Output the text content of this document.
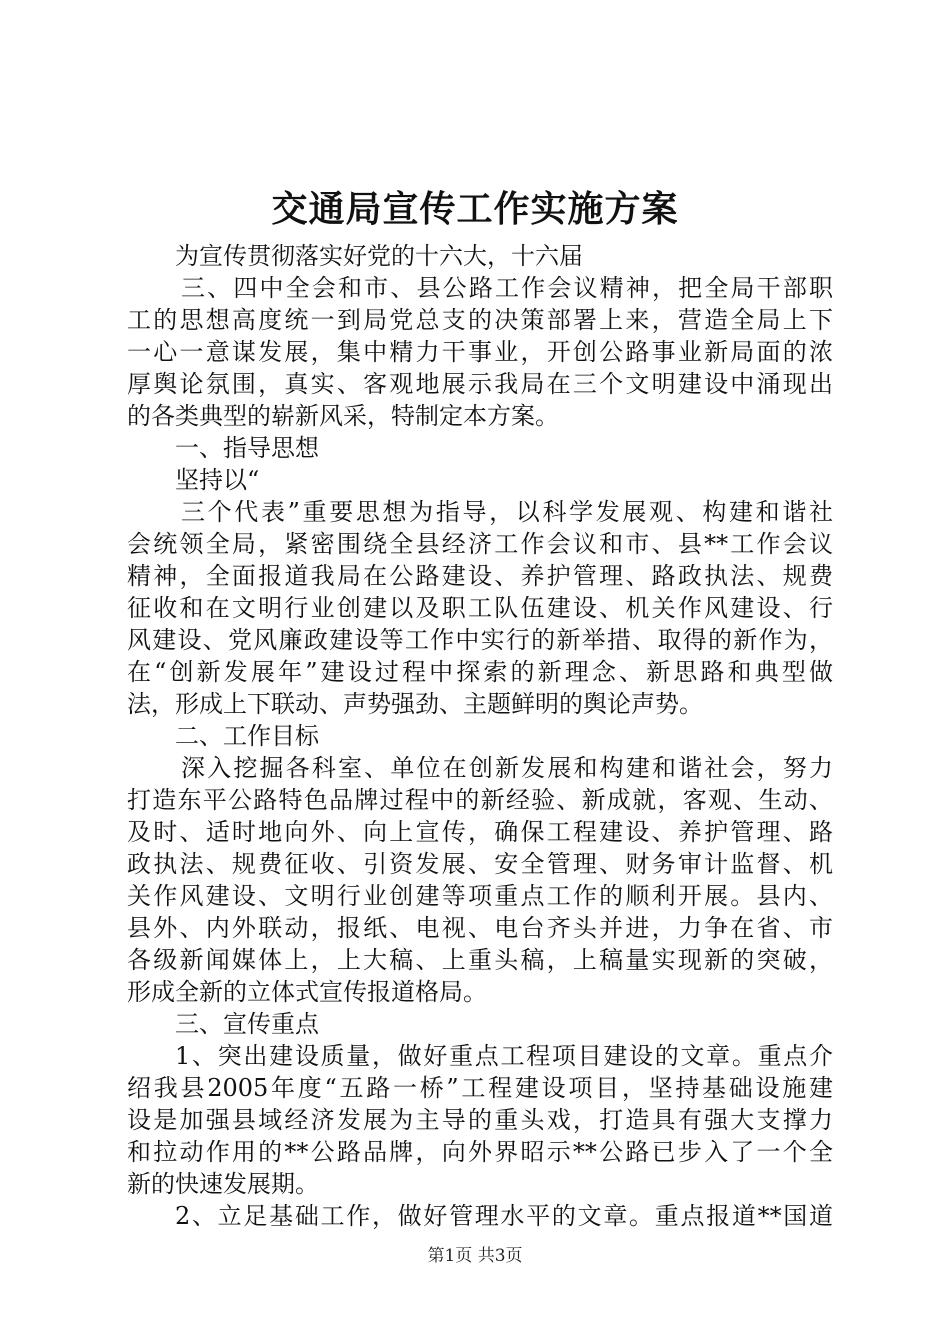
交通局宣传工作实施方案
为宣传贯彻落实好党的十六大，十六届
三、四中全会和市、县公路工作会议精神，把全局干部职
工的思想高度统一到局党总支的决策部署上来，营造全局上下
一心一意谋发展，集中精力干事业，开创公路事业新局面的浓
厚舆论氛围，真实、客观地展示我局在三个文明建设中涌现出
的各类典型的崭新风采，特制定本方案。
一、指导思想
坚持以“
三个代表”重要思想为指导，以科学发展观、构建和谐社
会统领全局，紧密围绕全县经济工作会议和市、县**工作会议
精神，全面报道我局在公路建设、养护管理、路政执法、规费
征收和在文明行业创建以及职工队伍建设、机关作风建设、行
风建设、党风廉政建设等工作中实行的新举措、取得的新作为，
在“创新发展年”建设过程中探索的新理念、新思路和典型做
法，形成上下联动、声势强劲、主题鲜明的舆论声势。
二、工作目标
深入挖掘各科室、单位在创新发展和构建和谐社会，努力
打造东平公路特色品牌过程中的新经验、新成就，客观、生动、
及时、适时地向外、向上宣传，确保工程建设、养护管理、路
政执法、规费征收、引资发展、安全管理、财务审计监督、机
关作风建设、文明行业创建等项重点工作的顺利开展。县内、
县外、内外联动，报纸、电视、电台齐头并进，力争在省、市
各级新闻媒体上，上大稿、上重头稿，上稿量实现新的突破，
形成全新的立体式宣传报道格局。
三、宣传重点
1、突出建设质量，做好重点工程项目建设的文章。重点介
绍我县2005年度“五路一桥”工程建设项目，坚持基础设施建
设是加强县域经济发展为主导的重头戏，打造具有强大支撑力
和拉动作用的**公路品牌，向外界昭示**公路已步入了一个全
新的快速发展期。
2、立足基础工作，做好管理水平的文章。重点报道**国道
第1页 共3页
